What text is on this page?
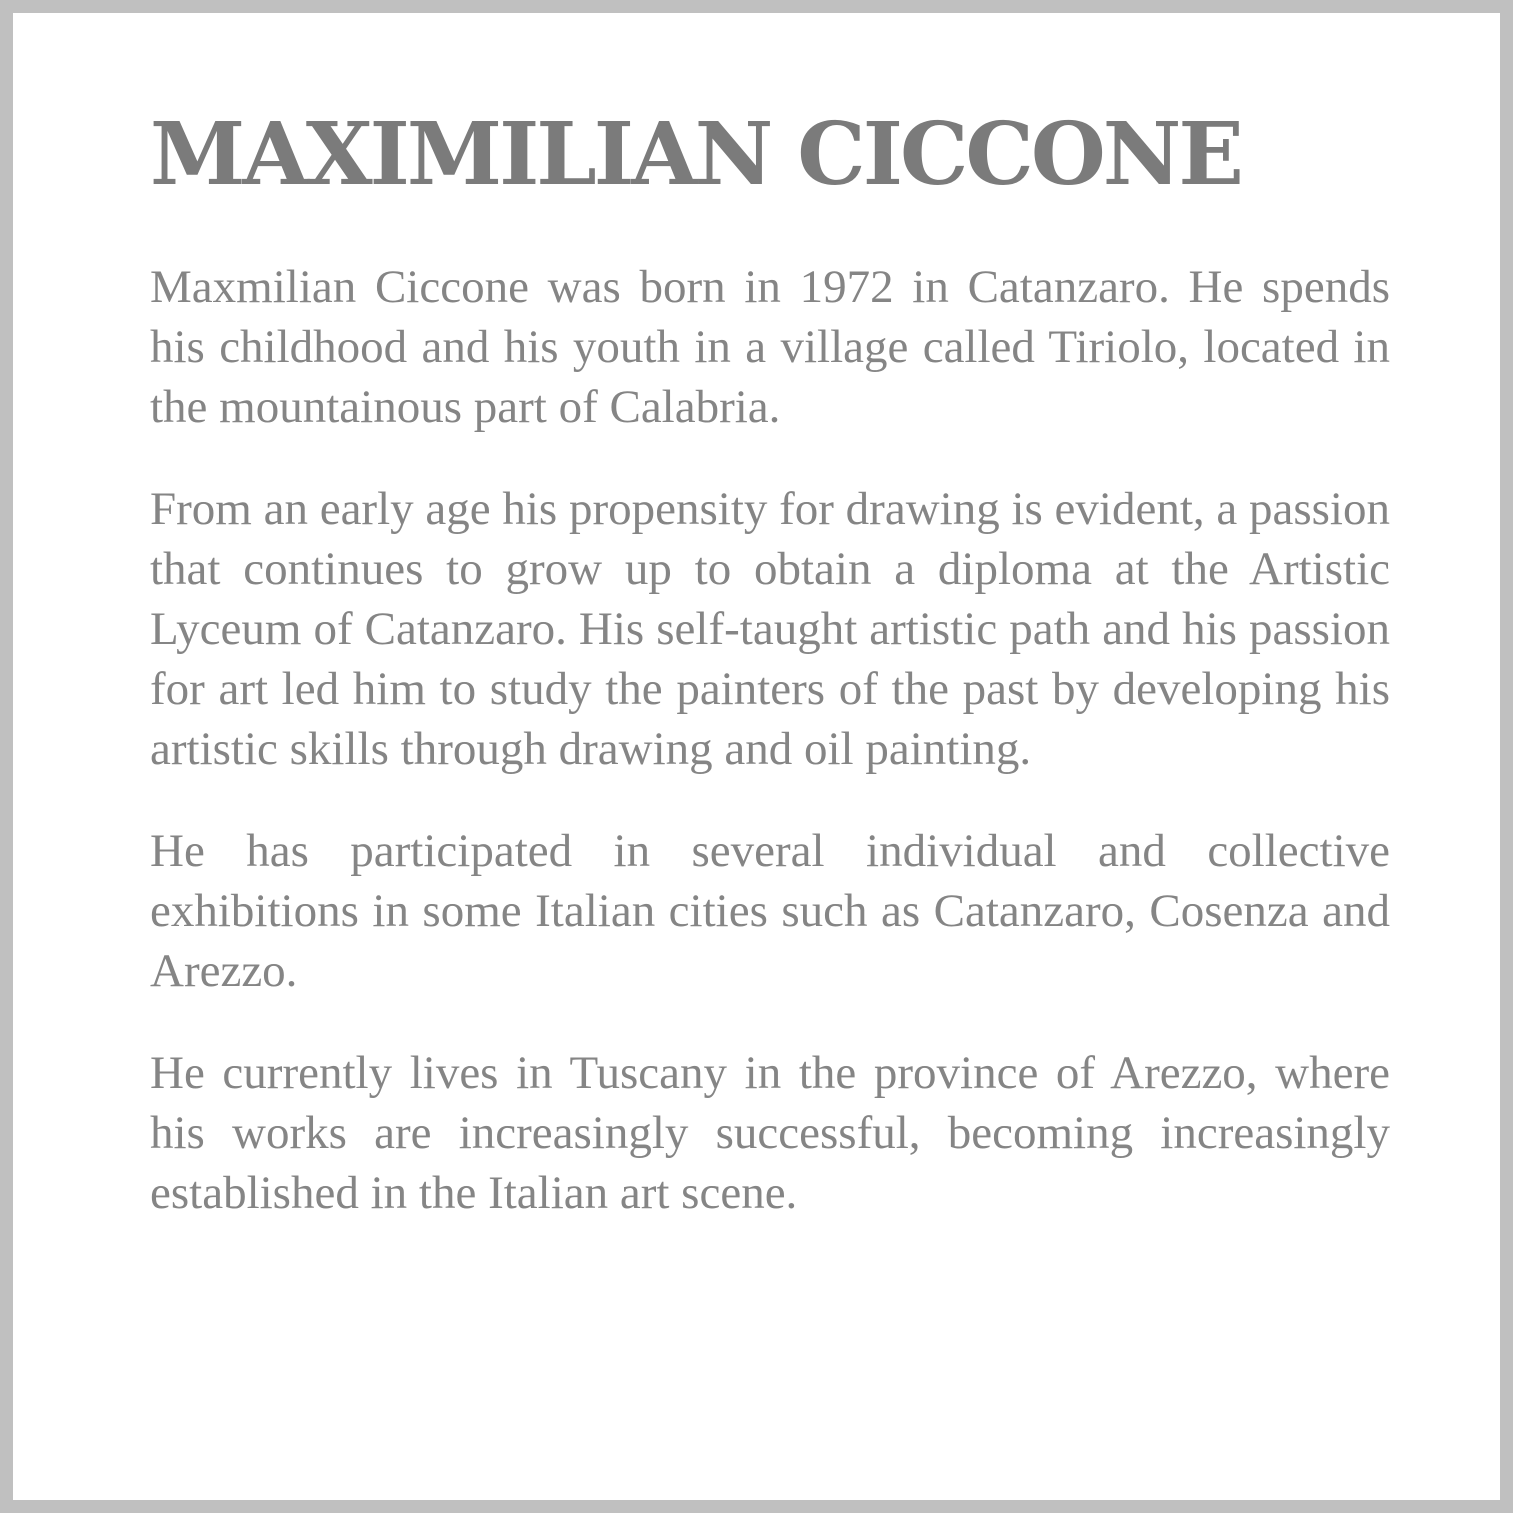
MAXIMILIAN CICCONE

Maxmilian Ciccone was born in 1972 in Catanzaro. He spends his childhood and his youth in a village called Tiriolo, located in the mountainous part of Calabria.

From an early age his propensity for drawing is evident, a passion that continues to grow up to obtain a diploma at the Artistic Lyceum of Catanzaro. His self-taught artistic path and his passion for art led him to study the painters of the past by developing his artistic skills through drawing and oil painting.

He has participated in several individual and collective exhibitions in some Italian cities such as Catanzaro, Cosenza and Arezzo.

He currently lives in Tuscany in the province of Arezzo, where his works are increasingly successful, becoming increasingly established in the Italian art scene.
